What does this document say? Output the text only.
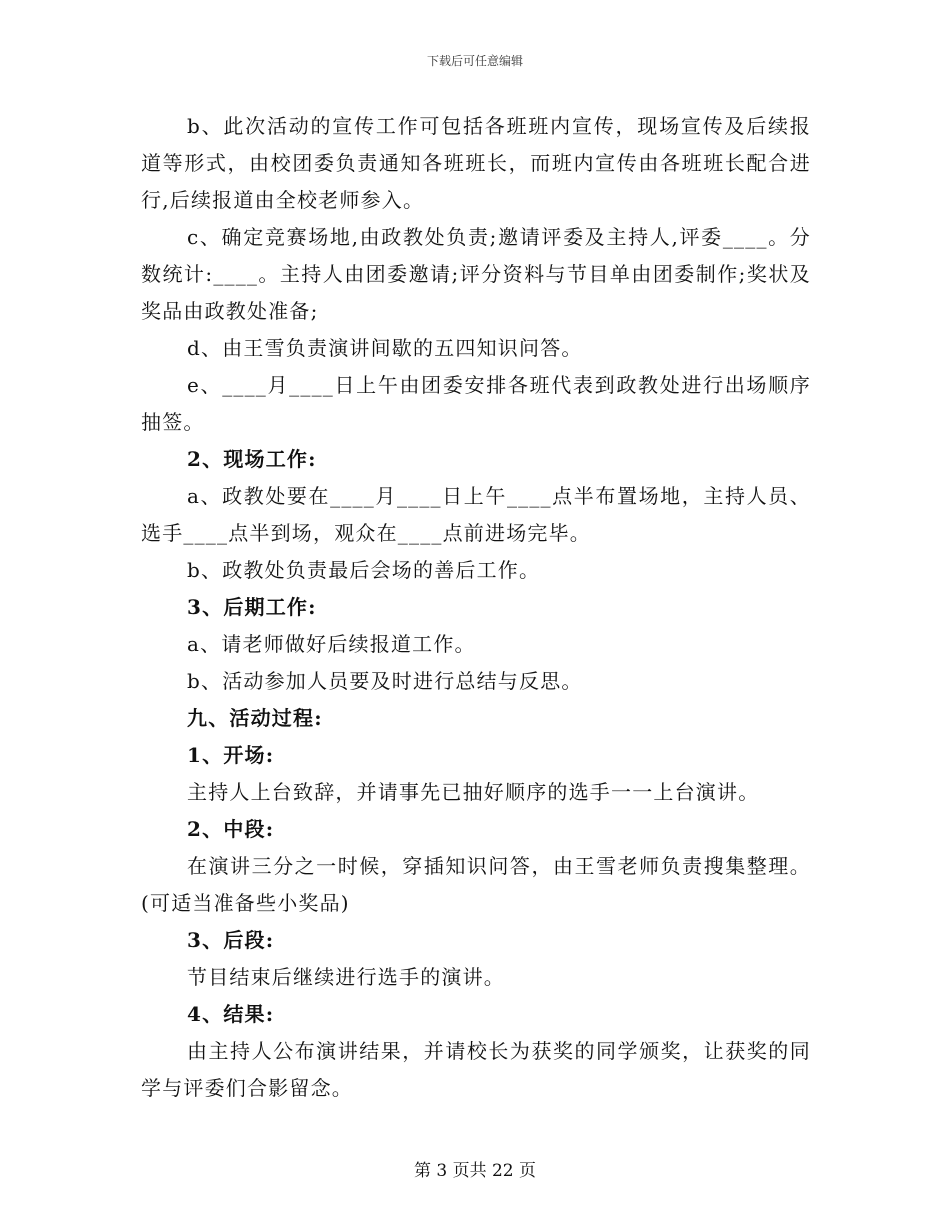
下载后可任意编辑

b、此次活动的宣传工作可包括各班班内宣传，现场宣传及后续报道等形式，由校团委负责通知各班班长，而班内宣传由各班班长配合进行,后续报道由全校老师参入。

c、确定竞赛场地,由政教处负责;邀请评委及主持人,评委____。分数统计:____。主持人由团委邀请;评分资料与节目单由团委制作;奖状及奖品由政教处准备;

d、由王雪负责演讲间歇的五四知识问答。

e、____月____日上午由团委安排各班代表到政教处进行出场顺序抽签。

2、现场工作:

a、政教处要在____月____日上午____点半布置场地，主持人员、选手____点半到场，观众在____点前进场完毕。

b、政教处负责最后会场的善后工作。

3、后期工作:

a、请老师做好后续报道工作。

b、活动参加人员要及时进行总结与反思。

九、活动过程:

1、开场:

主持人上台致辞，并请事先已抽好顺序的选手一一上台演讲。

2、中段:

在演讲三分之一时候，穿插知识问答，由王雪老师负责搜集整理。(可适当准备些小奖品)

3、后段:

节目结束后继续进行选手的演讲。

4、结果:

由主持人公布演讲结果，并请校长为获奖的同学颁奖，让获奖的同学与评委们合影留念。

第 3 页共 22 页
